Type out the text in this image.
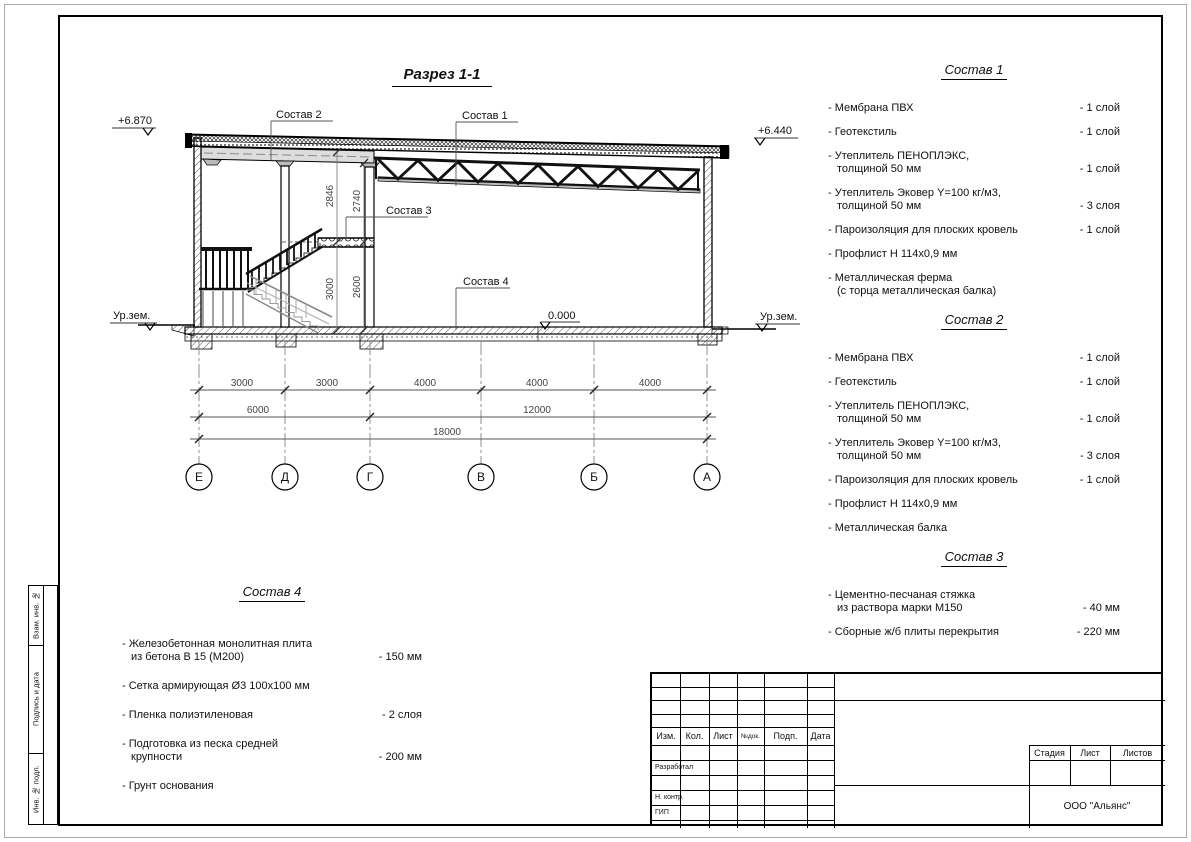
Разрез 1-1
2846 2740
3000 2600
Состав 2	Состав 1
Состав 3
Состав 4
+6.870
+6.440
0.000
Ур.зем.	Ур.зем.
3000	3000	4000	4000	4000
6000	12000
18000
Е	Д	Г	В	Б	А
Состав 1
- Мембрана ПВХ	- 1 слой
- Геотекстиль	- 1 слой
- Утеплитель ПЕНОПЛЭКС,
толщиной 50 мм	- 1 слой
- Утеплитель Эковер Y=100 кг/м3,
толщиной 50 мм	- 3 слоя
- Пароизоляция для плоских кровель	- 1 слой
- Профлист Н 114х0,9 мм
- Металлическая ферма
(с торца металлическая балка)
Состав 2
- Мембрана ПВХ	- 1 слой
- Геотекстиль	- 1 слой
- Утеплитель ПЕНОПЛЭКС,
толщиной 50 мм	- 1 слой
- Утеплитель Эковер Y=100 кг/м3,
толщиной 50 мм	- 3 слоя
- Пароизоляция для плоских кровель	- 1 слой
- Профлист Н 114х0,9 мм
- Металлическая балка
Состав 3
- Цементно-песчаная стяжка
из раствора марки М150	- 40 мм
- Сборные ж/б плиты перекрытия	- 220 мм
Состав 4
- Железобетонная монолитная плита
из бетона В 15 (М200)	- 150 мм
- Сетка армирующая Ø3 100х100 мм
- Пленка полиэтиленовая	- 2 слоя
- Подготовка из песка средней
крупности	- 200 мм
- Грунт основания
Изм.	Кол.	Лист	№док.	Подп.	Дата
Разработал
Н. контр.
ГИП
Стадия	Лист	Листов
ООО "Альянс"
Взам. инв. №
Подпись и дата
Инв. № подл.
